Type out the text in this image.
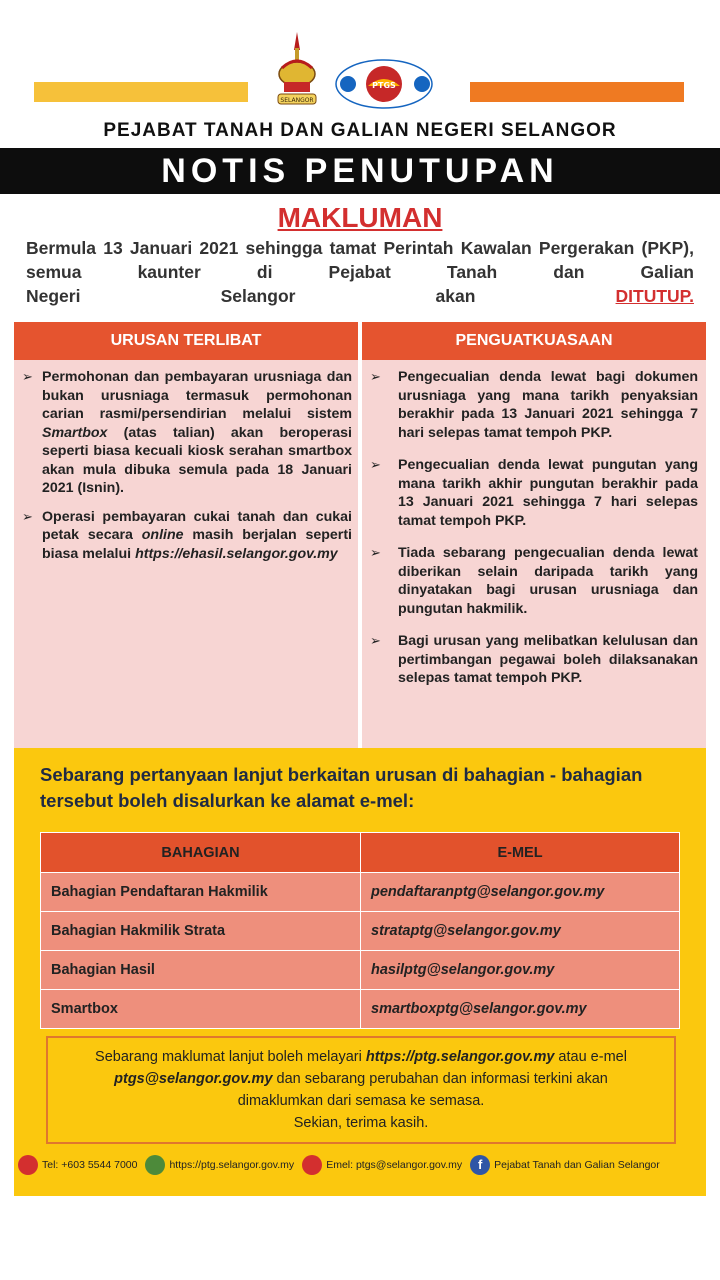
SELANGOR
PTGS
PEJABAT TANAH DAN GALIAN NEGERI SELANGOR
NOTIS PENUTUPAN
MAKLUMAN
Bermula 13 Januari 2021 sehingga tamat Perintah Kawalan Pergerakan (PKP), semua kaunter di Pejabat Tanah dan Galian
Negeri	Selangor	akan	DITUTUP.
URUSAN TERLIBAT	PENGUATKUASAAN
➢ Permohonan dan pembayaran urusniaga dan bukan urusniaga termasuk permohonan carian rasmi/persendirian melalui sistem Smartbox (atas talian) akan beroperasi seperti biasa kecuali kiosk serahan smartbox akan mula dibuka semula pada 18 Januari 2021 (Isnin).
➢ Operasi pembayaran cukai tanah dan cukai petak secara online masih berjalan seperti biasa melalui https://ehasil.selangor.gov.my
➢ Pengecualian denda lewat bagi dokumen urusniaga yang mana tarikh penyaksian berakhir pada 13 Januari 2021 sehingga 7 hari selepas tamat tempoh PKP.
➢ Pengecualian denda lewat pungutan yang mana tarikh akhir pungutan berakhir pada 13 Januari 2021 sehingga 7 hari selepas tamat tempoh PKP.
➢ Tiada sebarang pengecualian denda lewat diberikan selain daripada tarikh yang dinyatakan bagi urusan urusniaga dan pungutan hakmilik.
➢ Bagi urusan yang melibatkan kelulusan dan pertimbangan pegawai boleh dilaksanakan selepas tamat tempoh PKP.
Sebarang pertanyaan lanjut berkaitan urusan di bahagian - bahagian tersebut boleh disalurkan ke alamat e-mel:
BAHAGIAN	E-MEL
Bahagian Pendaftaran Hakmilik	pendaftaranptg@selangor.gov.my
Bahagian Hakmilik Strata	strataptg@selangor.gov.my
Bahagian Hasil	hasilptg@selangor.gov.my
Smartbox	smartboxptg@selangor.gov.my
Sebarang maklumat lanjut boleh melayari https://ptg.selangor.gov.my atau e-mel
ptgs@selangor.gov.my dan sebarang perubahan dan informasi terkini akan
dimaklumkan dari semasa ke semasa.
Sekian, terima kasih.
Tel: +603 5544 7000	https://ptg.selangor.gov.my	Emel: ptgs@selangor.gov.my	f	Pejabat Tanah dan Galian Selangor
